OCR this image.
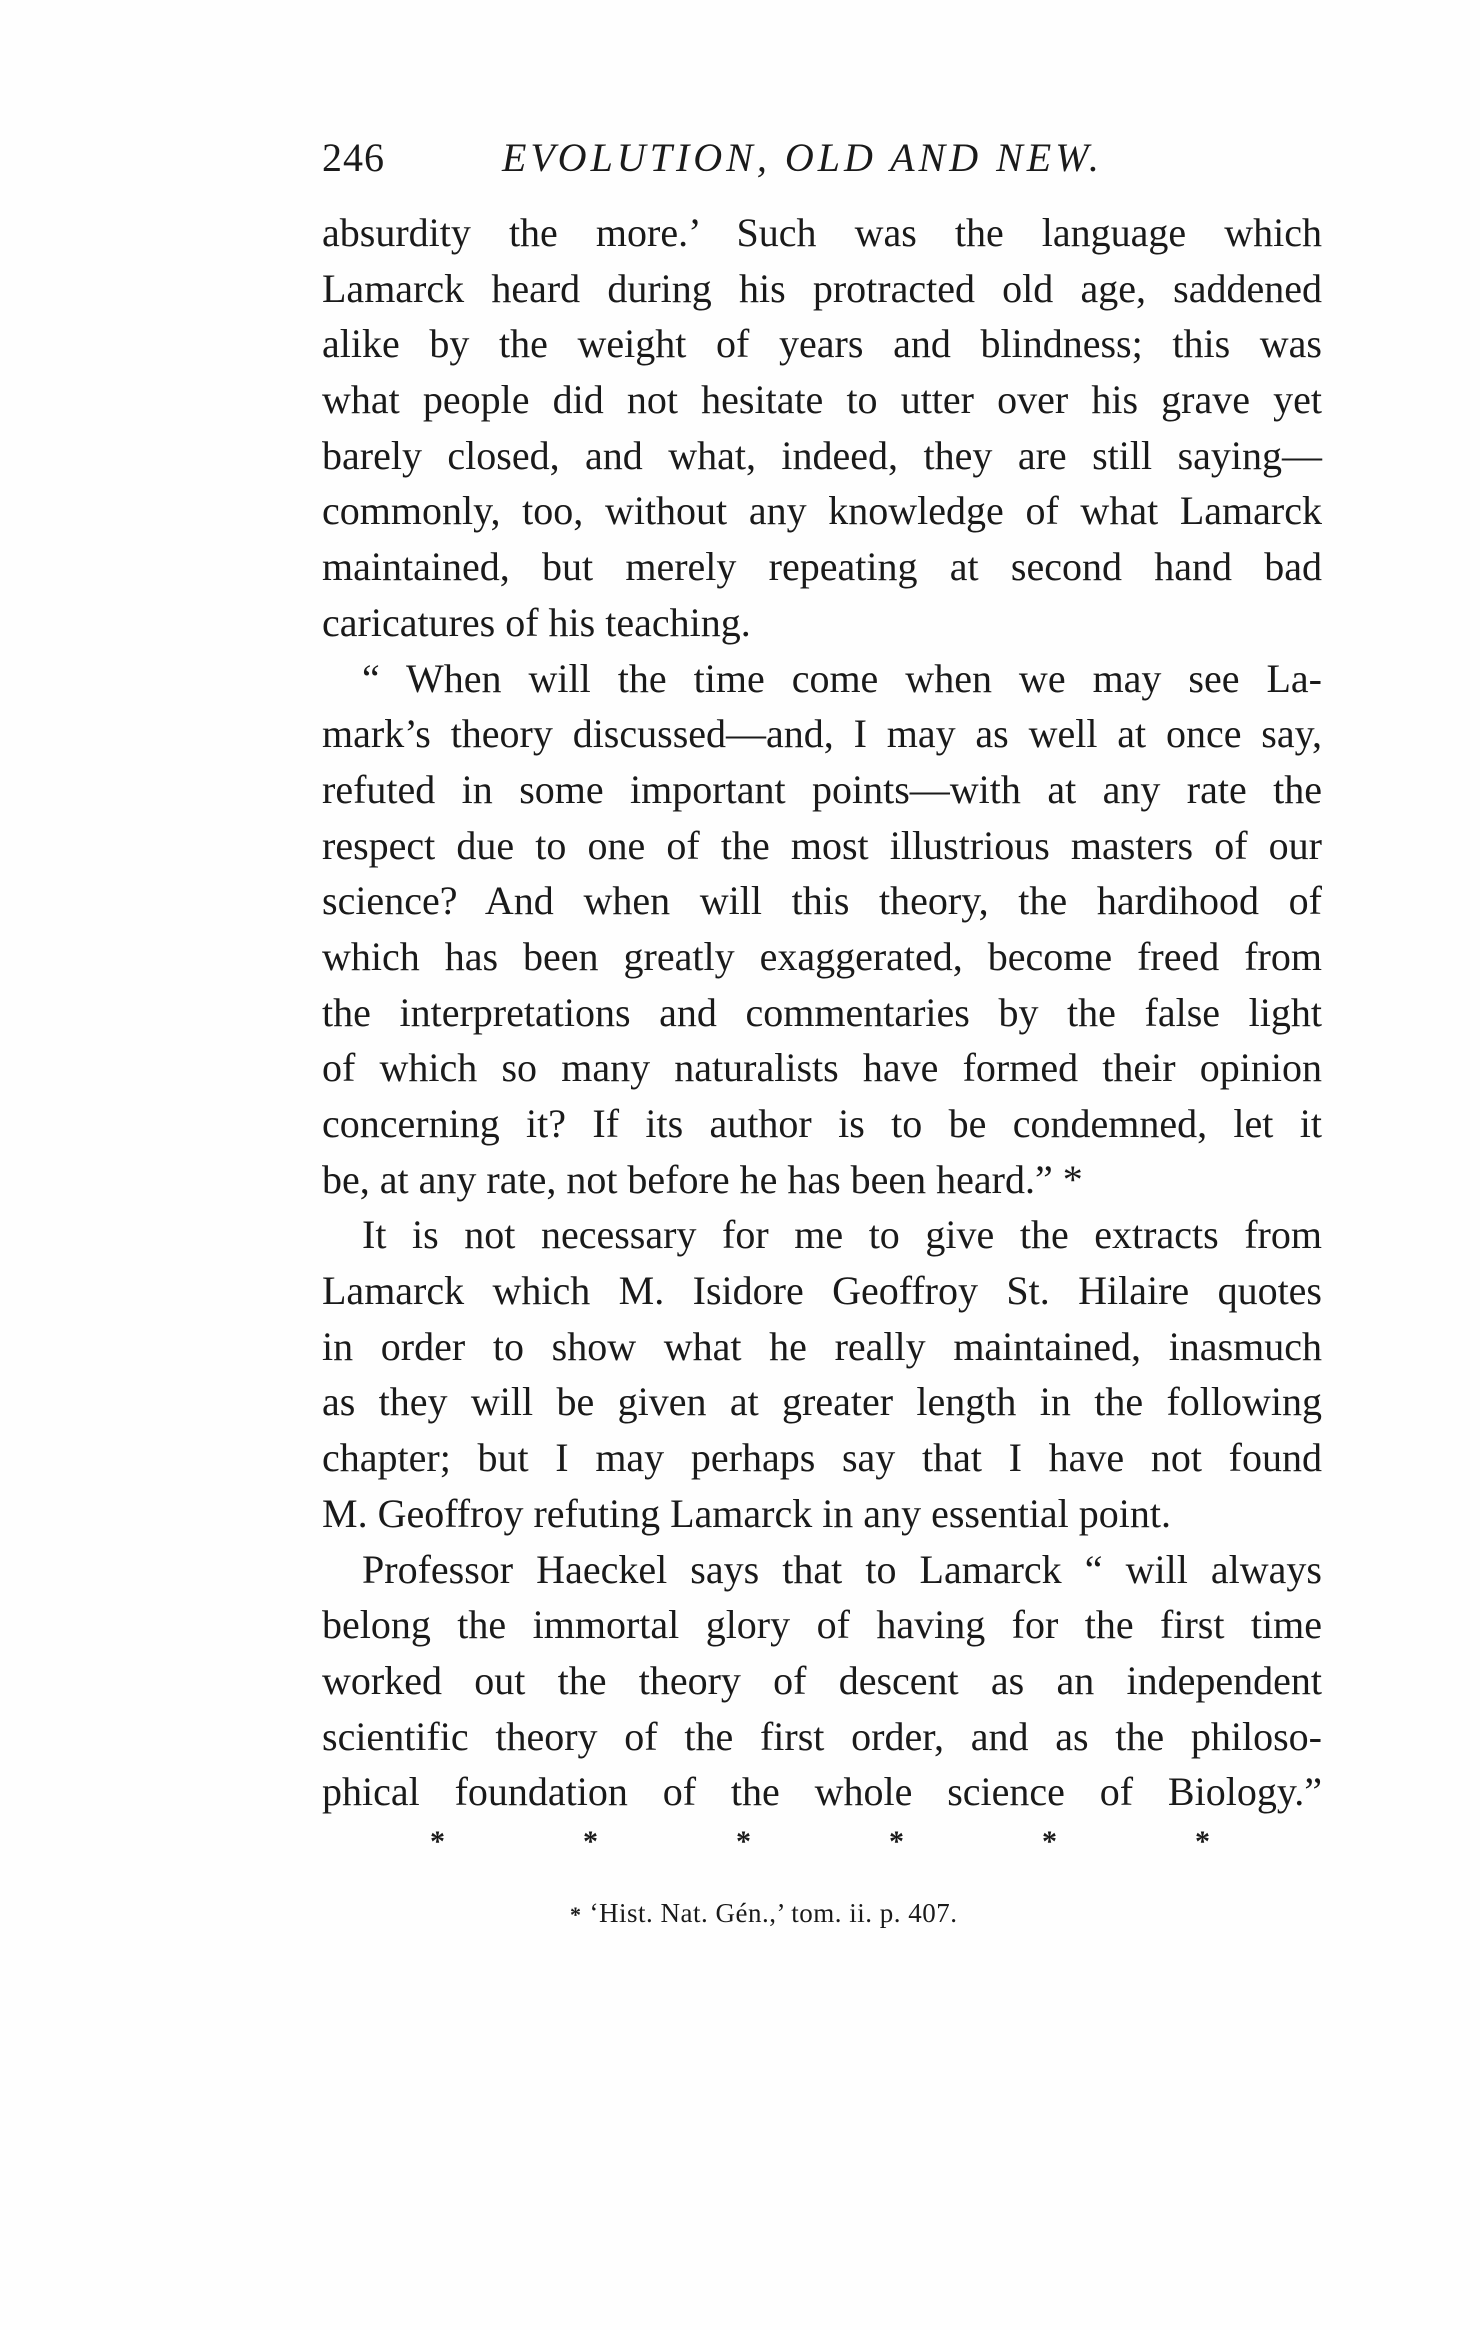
246	EVOLUTION, OLD AND NEW.
absurdity the more.’ Such was the language which
Lamarck heard during his protracted old age, saddened
alike by the weight of years and blindness; this was
what people did not hesitate to utter over his grave yet
barely closed, and what, indeed, they are still saying—
commonly, too, without any knowledge of what Lamarck
maintained, but merely repeating at second hand bad
caricatures of his teaching.
“ When will the time come when we may see La-
mark’s theory discussed—and, I may as well at once say,
refuted in some important points—with at any rate the
respect due to one of the most illustrious masters of our
science? And when will this theory, the hardihood of
which has been greatly exaggerated, become freed from
the interpretations and commentaries by the false light
of which so many naturalists have formed their opinion
concerning it? If its author is to be condemned, let it
be, at any rate, not before he has been heard.” *
It is not necessary for me to give the extracts from
Lamarck which M. Isidore Geoffroy St. Hilaire quotes
in order to show what he really maintained, inasmuch
as they will be given at greater length in the following
chapter; but I may perhaps say that I have not found
M. Geoffroy refuting Lamarck in any essential point.
Professor Haeckel says that to Lamarck “ will always
belong the immortal glory of having for the first time
worked out the theory of descent as an independent
scientific theory of the first order, and as the philoso-
phical foundation of the whole science of Biology.”
*	*	*	*	*	*
* ‘Hist. Nat. Gén.,’ tom. ii. p. 407.
